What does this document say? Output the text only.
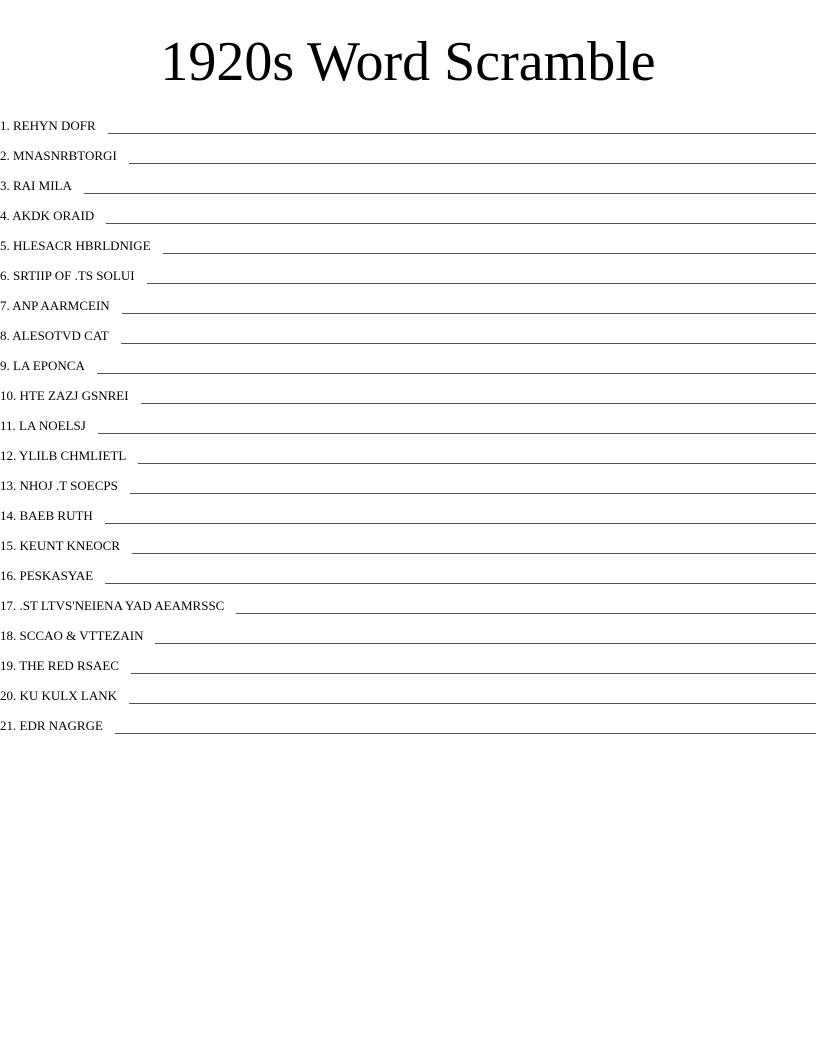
1920s Word Scramble
1 . REHYN DOFR
2 . MNASNRBTORGI
3 . RAI MILA
4 . AKDK ORAID
5 . HLESACR HBRLDNIGE
6 . SRTIIP OF .TS SOLUI
7 . ANP AARMCEIN
8 . ALESOTVD CAT
9 . LA EPONCA
10 . HTE ZAZJ GSNREI
11 . LA NOELSJ
12 . YLILB CHMLIETL
13 . NHOJ .T SOECPS
14 . BAEB RUTH
15 . KEUNT KNEOCR
16 . PESKASYAE
17 . .ST LTVS'NEIENA YAD AEAMRSSC
18 . SCCAO & VTTEZAIN
19 . THE RED RSAEC
20 . KU KULX LANK
21 . EDR NAGRGE
